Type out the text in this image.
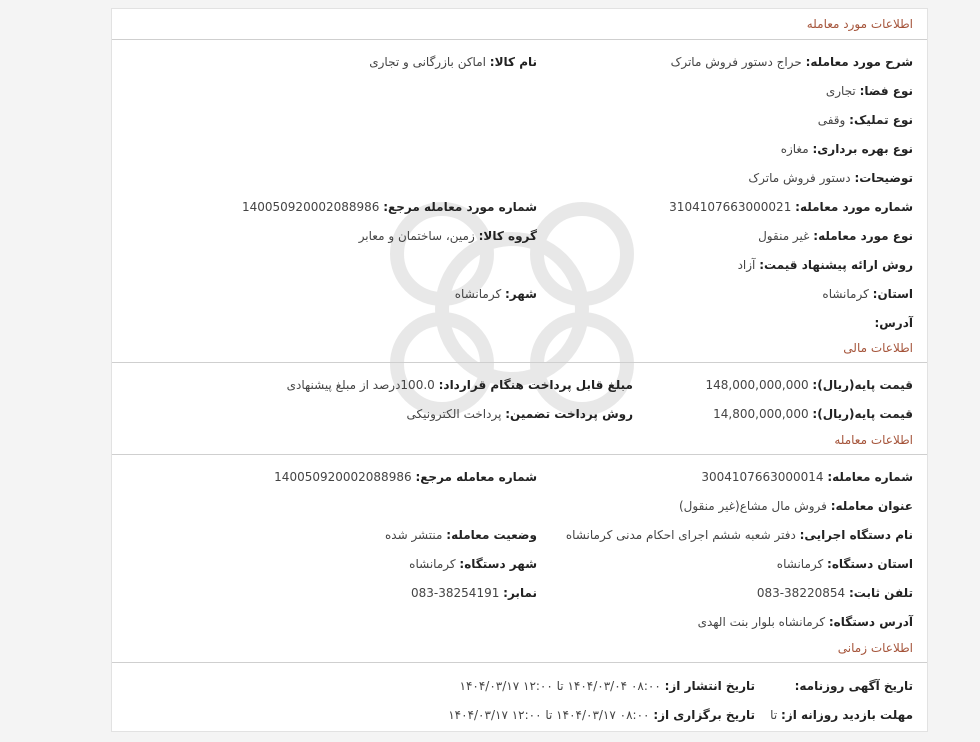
اطلاعات مورد معامله
شرح مورد معامله: حراج دستور فروش ماترک
نام کالا: اماکن بازرگانی و تجاری
نوع فضا: تجاری
نوع تملیک: وقفی
نوع بهره برداری: مغازه
توضیحات: دستور فروش ماترک
شماره مورد معامله: 3104107663000021
شماره مورد معامله مرجع: 14005092000208898‎6
نوع مورد معامله: غیر منقول
گروه کالا: زمین، ساختمان و معابر
روش ارائه پیشنهاد قیمت: آزاد
استان: کرمانشاه
شهر: کرمانشاه
آدرس:
اطلاعات مالی
قیمت پایه(ریال): 148,000,000,000
مبلغ قابل پرداخت هنگام قرارداد: 100.0درصد از مبلغ پیشنهادی
قیمت پایه(ریال): 14,800,000,000
روش پرداخت تضمین: پرداخت الکترونیکی
اطلاعات معامله
شماره معامله: 3004107663000014
شماره معامله مرجع: 140050920002088986
عنوان معامله: فروش مال مشاع(غیر منقول)
نام دستگاه اجرایی: دفتر شعبه ششم اجرای احکام مدنی کرمانشاه
وضعیت معامله: منتشر شده
استان دستگاه: کرمانشاه
شهر دستگاه: کرمانشاه
تلفن ثابت: 083-38220854
نمابر: 083-38254191
آدرس دستگاه: کرمانشاه بلوار بنت الهدی
اطلاعات زمانی
تاریخ آگهی روزنامه:
تاریخ انتشار از: ۰۸:۰۰ ۱۴۰۴/۰۳/۰۴ تا ۱۲:۰۰ ۱۴۰۴/۰۳/۱۷
مهلت بازدید روزانه از: تا
تاریخ برگزاری از: ۰۸:۰۰ ۱۴۰۴/۰۳/۱۷ تا ۱۲:۰۰ ۱۴۰۴/۰۳/۱۷
